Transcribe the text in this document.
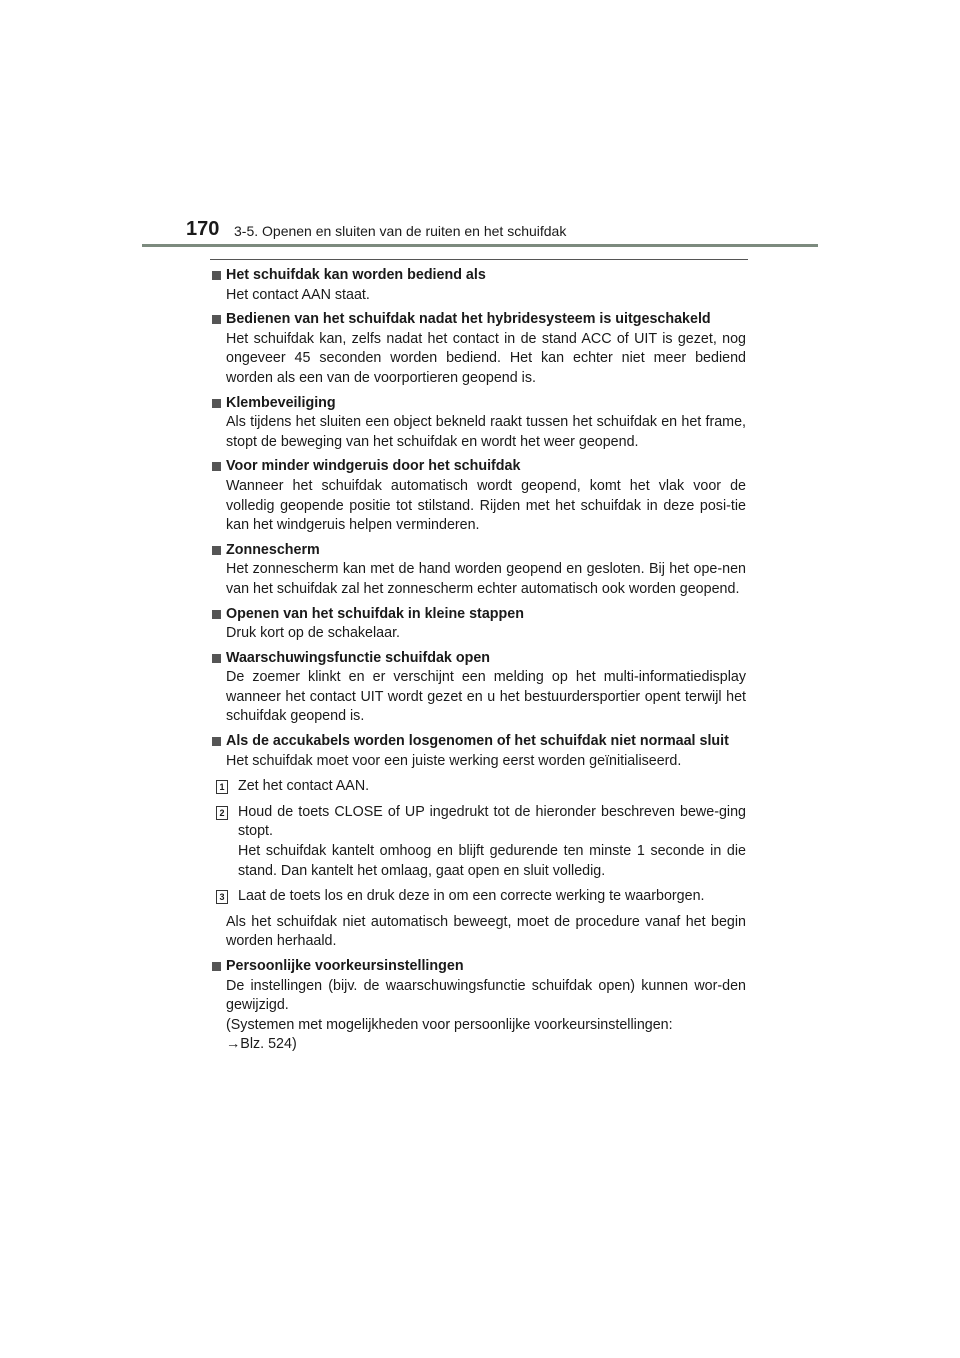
170 3-5. Openen en sluiten van de ruiten en het schuifdak
Het schuifdak kan worden bediend als
Het contact AAN staat.
Bedienen van het schuifdak nadat het hybridesysteem is uitgeschakeld
Het schuifdak kan, zelfs nadat het contact in de stand ACC of UIT is gezet, nog ongeveer 45 seconden worden bediend. Het kan echter niet meer bediend worden als een van de voorportieren geopend is.
Klembeveiliging
Als tijdens het sluiten een object bekneld raakt tussen het schuifdak en het frame, stopt de beweging van het schuifdak en wordt het weer geopend.
Voor minder windgeruis door het schuifdak
Wanneer het schuifdak automatisch wordt geopend, komt het vlak voor de volledig geopende positie tot stilstand. Rijden met het schuifdak in deze posi-tie kan het windgeruis helpen verminderen.
Zonnescherm
Het zonnescherm kan met de hand worden geopend en gesloten. Bij het ope-nen van het schuifdak zal het zonnescherm echter automatisch ook worden geopend.
Openen van het schuifdak in kleine stappen
Druk kort op de schakelaar.
Waarschuwingsfunctie schuifdak open
De zoemer klinkt en er verschijnt een melding op het multi-informatiedisplay wanneer het contact UIT wordt gezet en u het bestuurdersportier opent terwijl het schuifdak geopend is.
Als de accukabels worden losgenomen of het schuifdak niet normaal sluit
Het schuifdak moet voor een juiste werking eerst worden geïnitialiseerd.
1 Zet het contact AAN.
2 Houd de toets CLOSE of UP ingedrukt tot de hieronder beschreven bewe-ging stopt.
Het schuifdak kantelt omhoog en blijft gedurende ten minste 1 seconde in die stand. Dan kantelt het omlaag, gaat open en sluit volledig.
3 Laat de toets los en druk deze in om een correcte werking te waarborgen.
Als het schuifdak niet automatisch beweegt, moet de procedure vanaf het begin worden herhaald.
Persoonlijke voorkeursinstellingen
De instellingen (bijv. de waarschuwingsfunctie schuifdak open) kunnen wor-den gewijzigd.
(Systemen met mogelijkheden voor persoonlijke voorkeursinstellingen:
→Blz. 524)
